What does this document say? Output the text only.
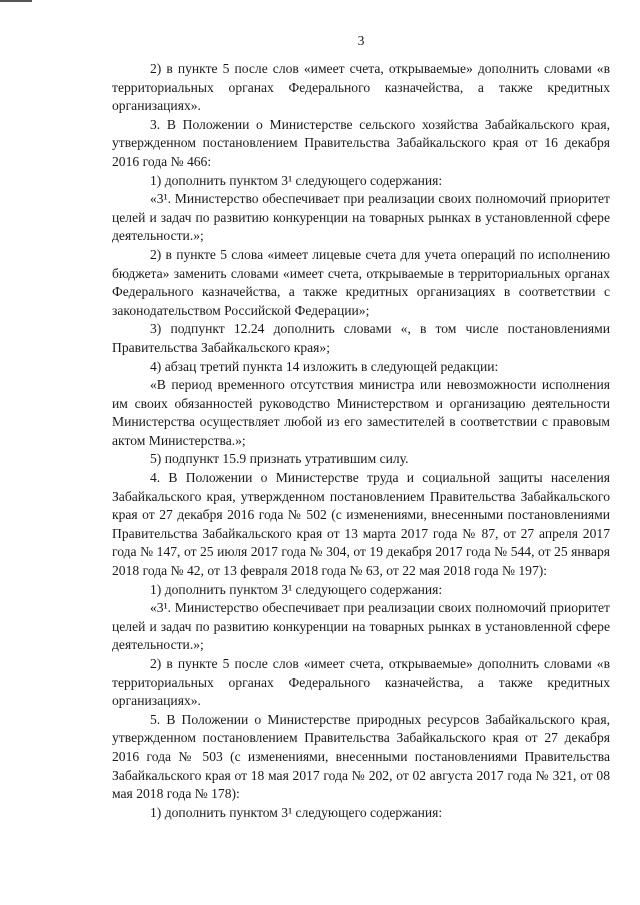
3

2) в пункте 5 после слов «имеет счета, открываемые» дополнить словами «в территориальных органах Федерального казначейства, а также кредитных организациях».

3. В Положении о Министерстве сельского хозяйства Забайкальского края, утвержденном постановлением Правительства Забайкальского края от 16 декабря 2016 года № 466:

1) дополнить пунктом 3¹ следующего содержания:

«3¹. Министерство обеспечивает при реализации своих полномочий приоритет целей и задач по развитию конкуренции на товарных рынках в установленной сфере деятельности.»;

2) в пункте 5 слова «имеет лицевые счета для учета операций по исполнению бюджета» заменить словами «имеет счета, открываемые в территориальных органах Федерального казначейства, а также кредитных организациях в соответствии с законодательством Российской Федерации»;

3) подпункт 12.24 дополнить словами «, в том числе постановлениями Правительства Забайкальского края»;

4) абзац третий пункта 14 изложить в следующей редакции:

«В период временного отсутствия министра или невозможности исполнения им своих обязанностей руководство Министерством и организацию деятельности Министерства осуществляет любой из его заместителей в соответствии с правовым актом Министерства.»;

5) подпункт 15.9 признать утратившим силу.

4. В Положении о Министерстве труда и социальной защиты населения Забайкальского края, утвержденном постановлением Правительства Забайкальского края от 27 декабря 2016 года № 502 (с изменениями, внесенными постановлениями Правительства Забайкальского края от 13 марта 2017 года № 87, от 27 апреля 2017 года № 147, от 25 июля 2017 года № 304, от 19 декабря 2017 года № 544, от 25 января 2018 года № 42, от 13 февраля 2018 года № 63, от 22 мая 2018 года № 197):

1) дополнить пунктом 3¹ следующего содержания:

«3¹. Министерство обеспечивает при реализации своих полномочий приоритет целей и задач по развитию конкуренции на товарных рынках в установленной сфере деятельности.»;

2) в пункте 5 после слов «имеет счета, открываемые» дополнить словами «в территориальных органах Федерального казначейства, а также кредитных организациях».

5. В Положении о Министерстве природных ресурсов Забайкальского края, утвержденном постановлением Правительства Забайкальского края от 27 декабря 2016 года № 503 (с изменениями, внесенными постановлениями Правительства Забайкальского края от 18 мая 2017 года № 202, от 02 августа 2017 года № 321, от 08 мая 2018 года № 178):

1) дополнить пунктом 3¹ следующего содержания:
